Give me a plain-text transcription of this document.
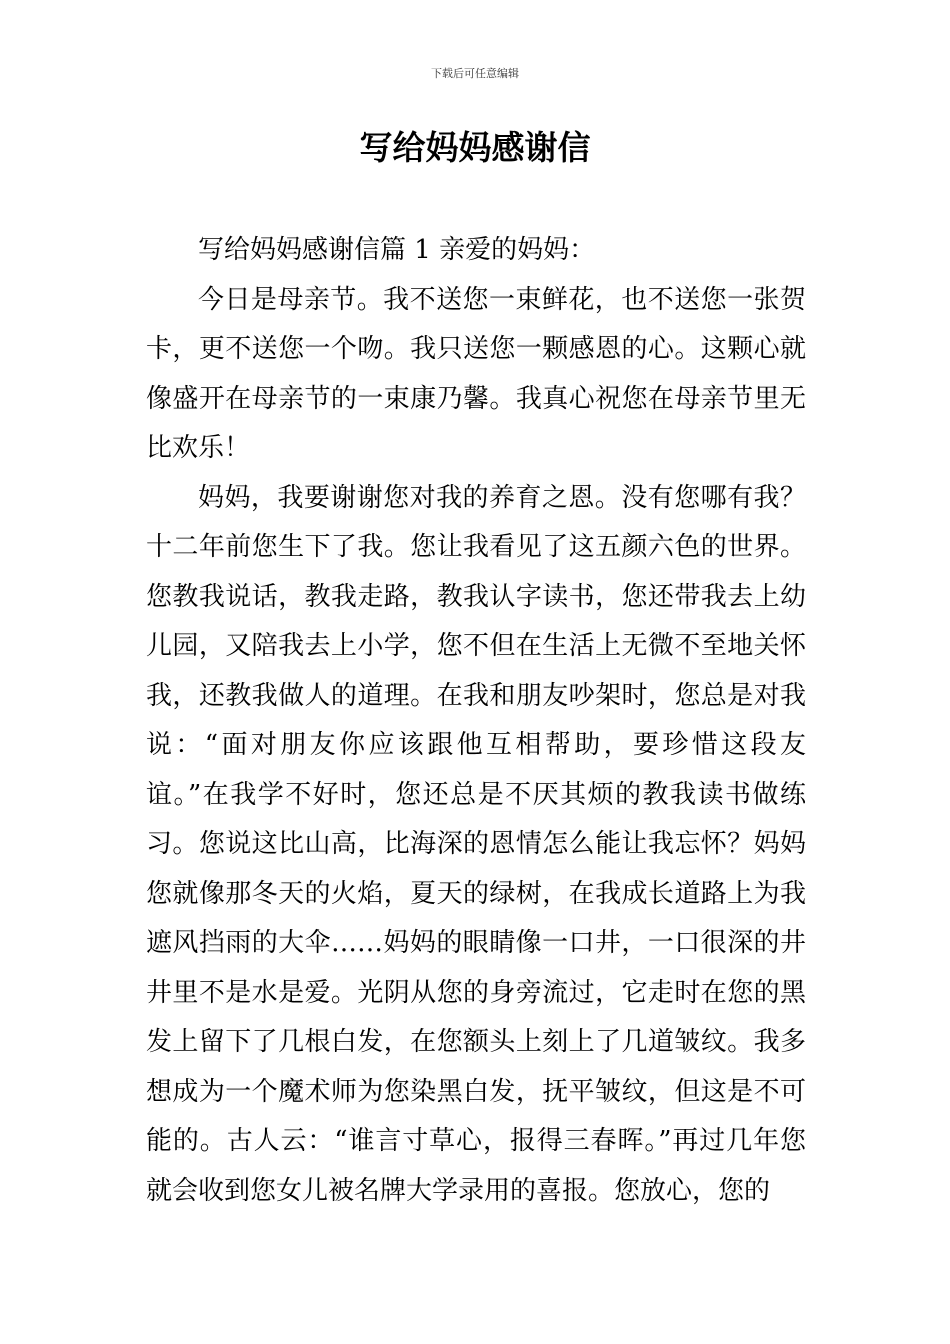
下载后可任意编辑
写给妈妈感谢信

写给妈妈感谢信篇 1 亲爱的妈妈：

今日是母亲节。我不送您一束鲜花，也不送您一张贺卡，更不送您一个吻。我只送您一颗感恩的心。这颗心就像盛开在母亲节的一束康乃馨。我真心祝您在母亲节里无比欢乐！

妈妈，我要谢谢您对我的养育之恩。没有您哪有我？十二年前您生下了我。您让我看见了这五颜六色的世界。您教我说话，教我走路，教我认字读书，您还带我去上幼儿园，又陪我去上小学，您不但在生活上无微不至地关怀我，还教我做人的道理。在我和朋友吵架时，您总是对我说：“面对朋友你应该跟他互相帮助，要珍惜这段友谊。”在我学不好时，您还总是不厌其烦的教我读书做练习。您说这比山高，比海深的恩情怎么能让我忘怀？妈妈您就像那冬天的火焰，夏天的绿树，在我成长道路上为我遮风挡雨的大伞……妈妈的眼睛像一口井，一口很深的井井里不是水是爱。光阴从您的身旁流过，它走时在您的黑发上留下了几根白发，在您额头上刻上了几道皱纹。我多想成为一个魔术师为您染黑白发，抚平皱纹，但这是不可能的。古人云：“谁言寸草心，报得三春晖。”再过几年您就会收到您女儿被名牌大学录用的喜报。您放心，您的
